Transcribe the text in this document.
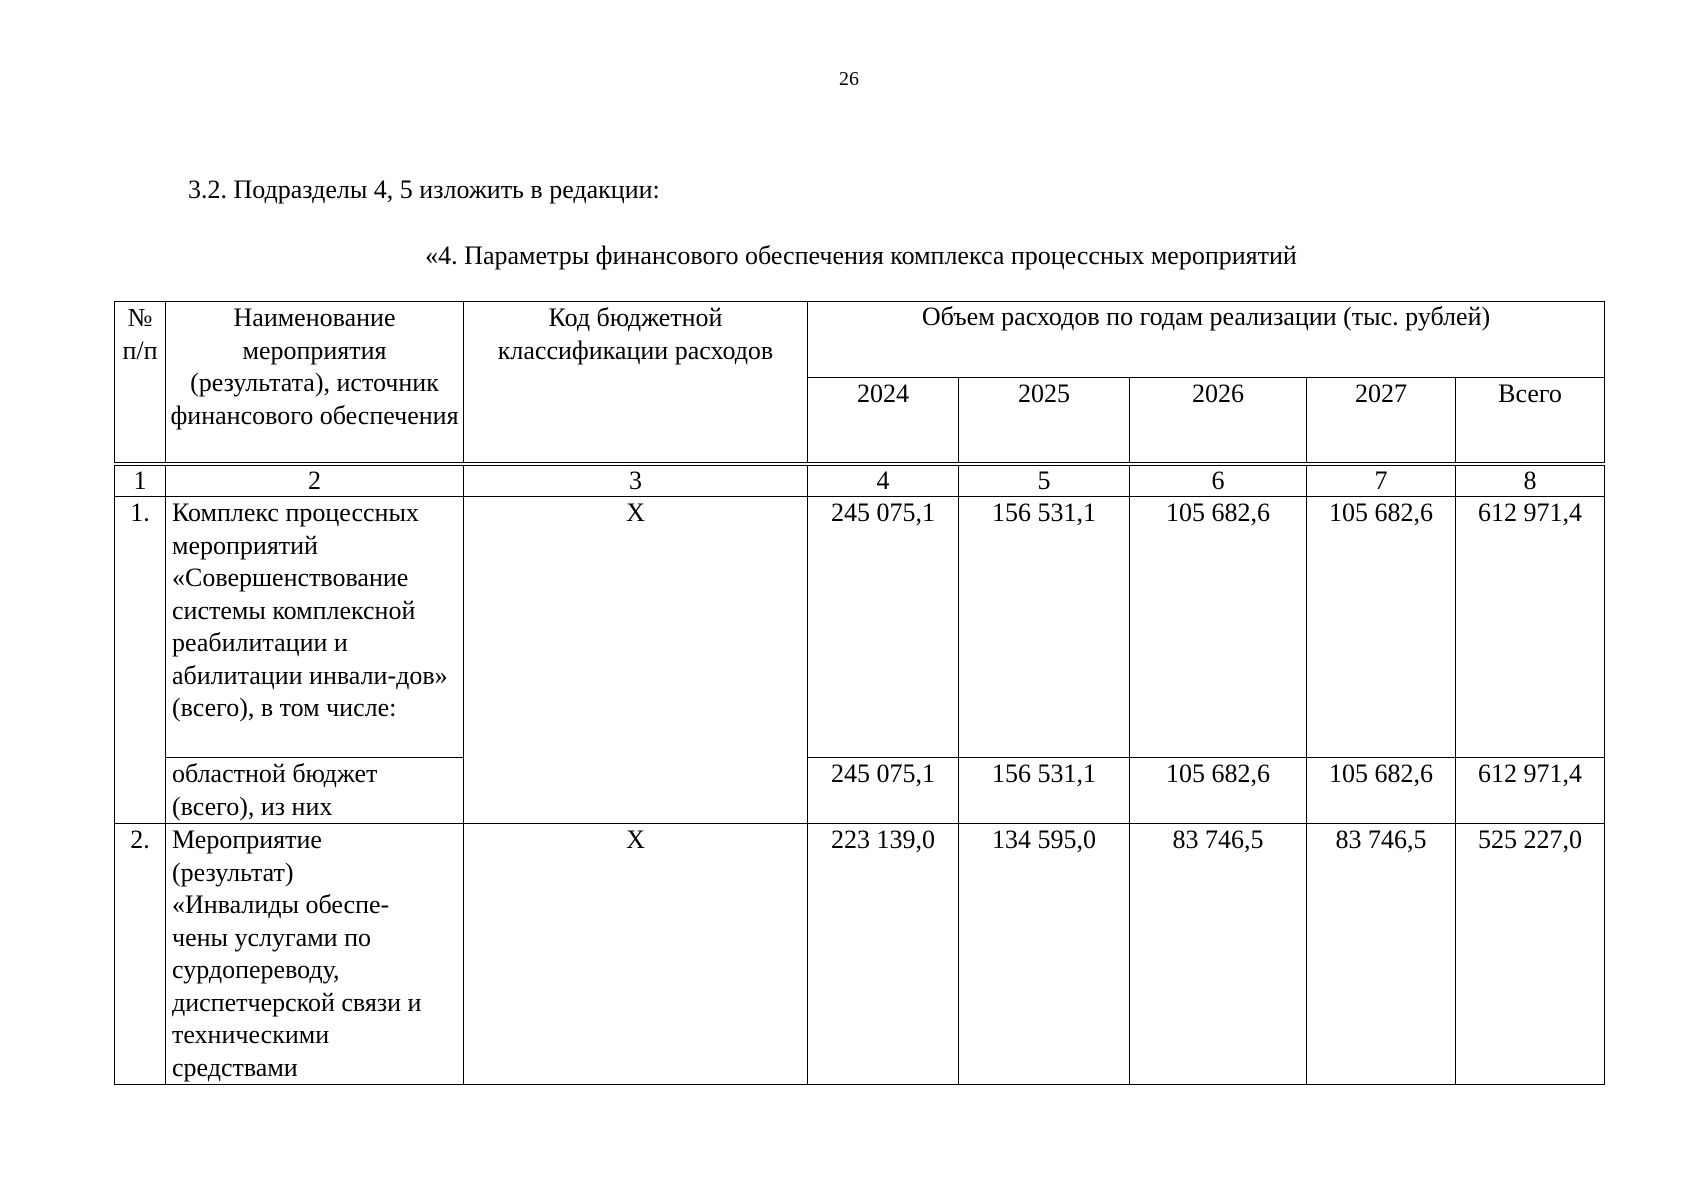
26
3.2. Подразделы 4, 5 изложить в редакции:
«4. Параметры финансового обеспечения комплекса процессных мероприятий
№ п/п	Наименование мероприятия (результата), источник финансового обеспечения	Код бюджетной классификации расходов	Объем расходов по годам реализации (тыс. рублей)				
			2024	2025	2026	2027	Всего
1	2	3	4	5	6	7	8
1.	Комплекс процессных мероприятий «Совершенствование системы комплексной реабилитации и абилитации инвали-дов» (всего), в том числе:	Х	245 075,1	156 531,1	105 682,6	105 682,6	612 971,4
	областной бюджет (всего), из них		245 075,1	156 531,1	105 682,6	105 682,6	612 971,4
2.	Мероприятие (результат) «Инвалиды обеспе-чены услугами по сурдопереводу, диспетчерской связи и техническими средствами	Х	223 139,0	134 595,0	83 746,5	83 746,5	525 227,0
